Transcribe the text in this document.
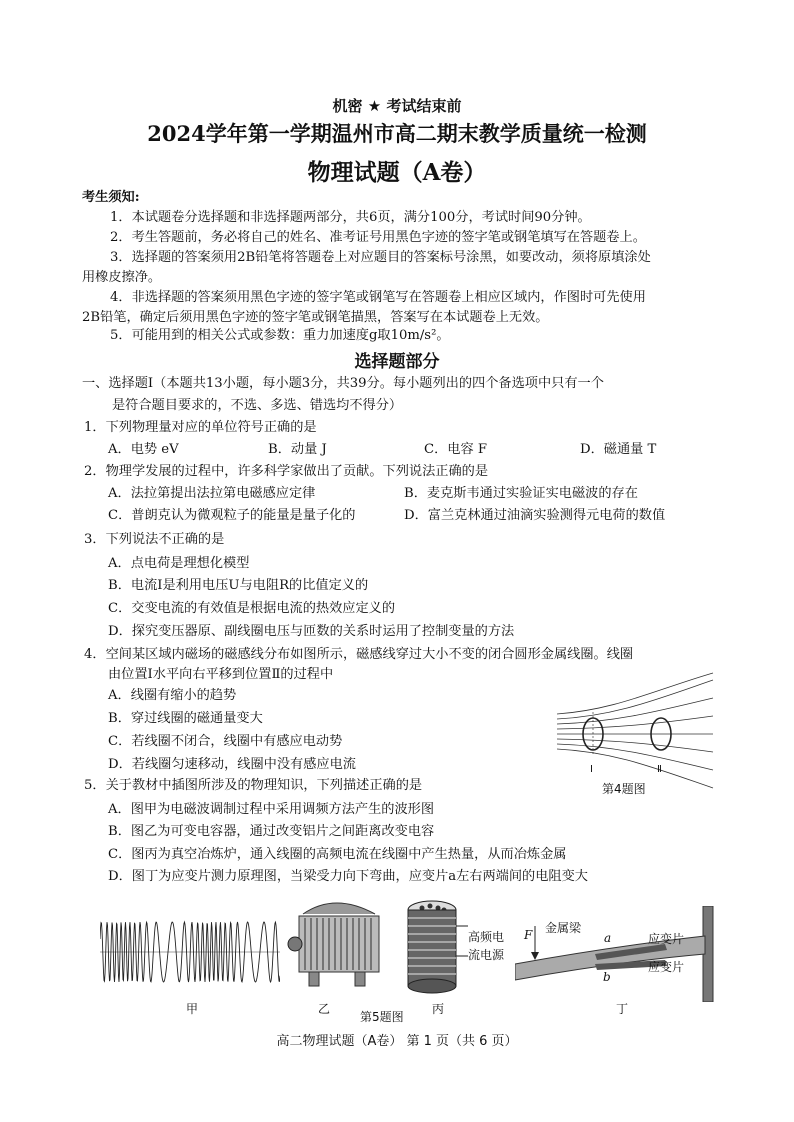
机密 ★ 考试结束前
2024学年第一学期温州市高二期末教学质量统一检测
物理试题（A卷）
考生须知:
1．本试题卷分选择题和非选择题两部分，共6页，满分100分，考试时间90分钟。
2．考生答题前，务必将自己的姓名、准考证号用黑色字迹的签字笔或钢笔填写在答题卷上。
3．选择题的答案须用2B铅笔将答题卷上对应题目的答案标号涂黑，如要改动，须将原填涂处
用橡皮擦净。
4．非选择题的答案须用黑色字迹的签字笔或钢笔写在答题卷上相应区域内，作图时可先使用
2B铅笔，确定后须用黑色字迹的签字笔或钢笔描黑，答案写在本试题卷上无效。
5．可能用到的相关公式或参数：重力加速度g取10m/s²。
选择题部分
一、选择题Ⅰ（本题共13小题，每小题3分，共39分。每小题列出的四个备选项中只有一个
是符合题目要求的，不选、多选、错选均不得分）
1．下列物理量对应的单位符号正确的是
A．电势 eV	B．动量 J	C．电容 F	D．磁通量 T
2．物理学发展的过程中，许多科学家做出了贡献。下列说法正确的是
A．法拉第提出法拉第电磁感应定律	B．麦克斯韦通过实验证实电磁波的存在
C．普朗克认为微观粒子的能量是量子化的	D．富兰克林通过油滴实验测得元电荷的数值
3．下列说法不正确的是
A．点电荷是理想化模型
B．电流I是利用电压U与电阻R的比值定义的
C．交变电流的有效值是根据电流的热效应定义的
D．探究变压器原、副线圈电压与匝数的关系时运用了控制变量的方法
4．空间某区域内磁场的磁感线分布如图所示，磁感线穿过大小不变的闭合圆形金属线圈。线圈
由位置Ⅰ水平向右平移到位置Ⅱ的过程中
A．线圈有缩小的趋势
B．穿过线圈的磁通量变大
C．若线圈不闭合，线圈中有感应电动势
D．若线圈匀速移动，线圈中没有感应电流	Ⅰ	Ⅱ
第4题图
5．关于教材中插图所涉及的物理知识，下列描述正确的是
A．图甲为电磁波调制过程中采用调频方法产生的波形图
B．图乙为可变电容器，通过改变铝片之间距离改变电容
C．图丙为真空冶炼炉，通入线圈的高频电流在线圈中产生热量，从而冶炼金属
D．图丁为应变片测力原理图，当梁受力向下弯曲，应变片a左右两端间的电阻变大
甲	乙
高频电
流电源
丙
金属梁
F	a
b
应变片
应变片
丁
第5题图
高二物理试题（A卷） 第 1 页（共 6 页）
